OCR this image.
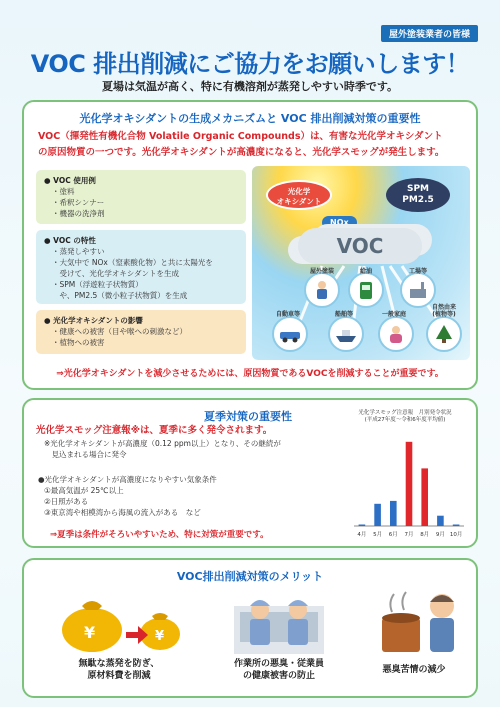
屋外塗装業者の皆様
VOC 排出削減にご協力をお願いします！
夏場は気温が高く、特に有機溶剤が蒸発しやすい時季です。
光化学オキシダントの生成メカニズムと VOC 排出削減対策の重要性
VOC（揮発性有機化合物 Volatile Organic Compounds）は、有害な光化学オキシダント
の原因物質の一つです。光化学オキシダントが高濃度になると、光化学スモッグが発生します。
● VOC 使用例
・塗料
・希釈シンナー
・機器の洗浄剤
● VOC の特性
・蒸発しやすい
・大気中で NOx（窒素酸化物）と共に太陽光を
　受けて、光化学オキシダントを生成
・SPM（浮遊粒子状物質）
　や、PM2.5（微小粒子状物質）を生成
● 光化学オキシダントの影響
・健康への被害（目や喉への刺激など）
・植物への被害
光化学
オキシダント
SPM
PM2.5
NOx
VOC
屋外塗装	給油	工場等
自動車等	船舶等	一般家庭
自然由来
(植物等)
⇒光化学オキシダントを減少させるためには、原因物質であるVOCを削減することが重要です。
夏季対策の重要性
光化学スモッグ注意報※は、夏季に多く発令されます。
※光化学オキシダントが高濃度（0.12 ppm以上）となり、その継続が
　見込まれる場合に発令
●光化学オキシダントが高濃度になりやすい気象条件
①最高気温が 25℃以上
②日照がある
③東京湾や相模湾から海風の流入がある　など
⇒夏季は条件がそろいやすいため、特に対策が重要です。
光化学スモッグ注意報　月別発令状況
(平成27年度～令和6年度平均値)
4月 5月 6月 7月 8月 9月 10月
VOC排出削減対策のメリット
¥	¥
無駄な蒸発を防ぎ、
原材料費を削減
作業所の悪臭・従業員
の健康被害の防止
悪臭苦情の減少
